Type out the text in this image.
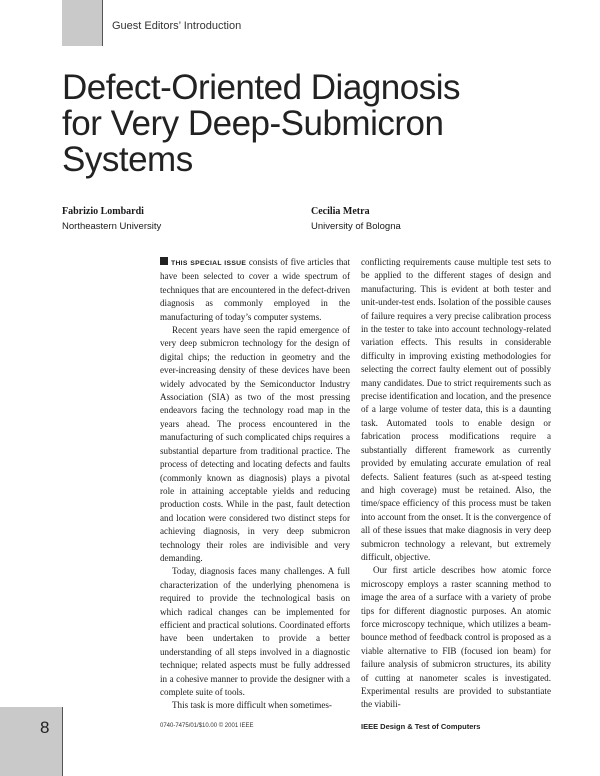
Guest Editors’ Introduction
Defect-Oriented Diagnosis
for Very Deep-Submicron
Systems
Fabrizio Lombardi
Northeastern University
Cecilia Metra
University of Bologna

THIS SPECIAL ISSUE consists of five articles that have been selected to cover a wide spectrum of techniques that are encountered in the defect-driven diagnosis as commonly employed in the manufacturing of today’s computer systems.

Recent years have seen the rapid emergence of very deep submicron technology for the design of digital chips; the reduction in geometry and the ever-increasing density of these devices have been widely advocated by the Semiconductor Industry Association (SIA) as two of the most pressing endeavors facing the technology road map in the years ahead. The process encountered in the manufacturing of such complicated chips requires a substantial departure from traditional practice. The process of detecting and locating defects and faults (commonly known as diagnosis) plays a pivotal role in attaining acceptable yields and reducing production costs. While in the past, fault detection and location were considered two distinct steps for achieving diagnosis, in very deep submicron technology their roles are indivisible and very demanding.

Today, diagnosis faces many challenges. A full characterization of the underlying phenomena is required to provide the technological basis on which radical changes can be implemented for efficient and practical solutions. Coordinated efforts have been undertaken to provide a better understanding of all steps involved in a diagnostic technique; related aspects must be fully addressed in a cohesive manner to provide the designer with a complete suite of tools.

This task is more difficult when sometimes-

conflicting requirements cause multiple test sets to be applied to the different stages of design and manufacturing. This is evident at both tester and unit-under-test ends. Isolation of the possible causes of failure requires a very precise calibration process in the tester to take into account technology-related variation effects. This results in considerable difficulty in improving existing methodologies for selecting the correct faulty element out of possibly many candidates. Due to strict requirements such as precise identification and location, and the presence of a large volume of tester data, this is a daunting task. Automated tools to enable design or fabrication process modifications require a substantially different framework as currently provided by emulating accurate emulation of real defects. Salient features (such as at-speed testing and high coverage) must be retained. Also, the time/space efficiency of this process must be taken into account from the onset. It is the convergence of all of these issues that make diagnosis in very deep submicron technology a relevant, but extremely difficult, objective.

Our first article describes how atomic force microscopy employs a raster scanning method to image the area of a surface with a variety of probe tips for different diagnostic purposes. An atomic force microscopy technique, which utilizes a beam-bounce method of feedback control is proposed as a viable alternative to FIB (focused ion beam) for failure analysis of submicron structures, its ability of cutting at nanometer scales is investigated. Experimental results are provided to substantiate the viabili-

8	0740-7475/01/$10.00 © 2001 IEEE	IEEE Design & Test of Computers
